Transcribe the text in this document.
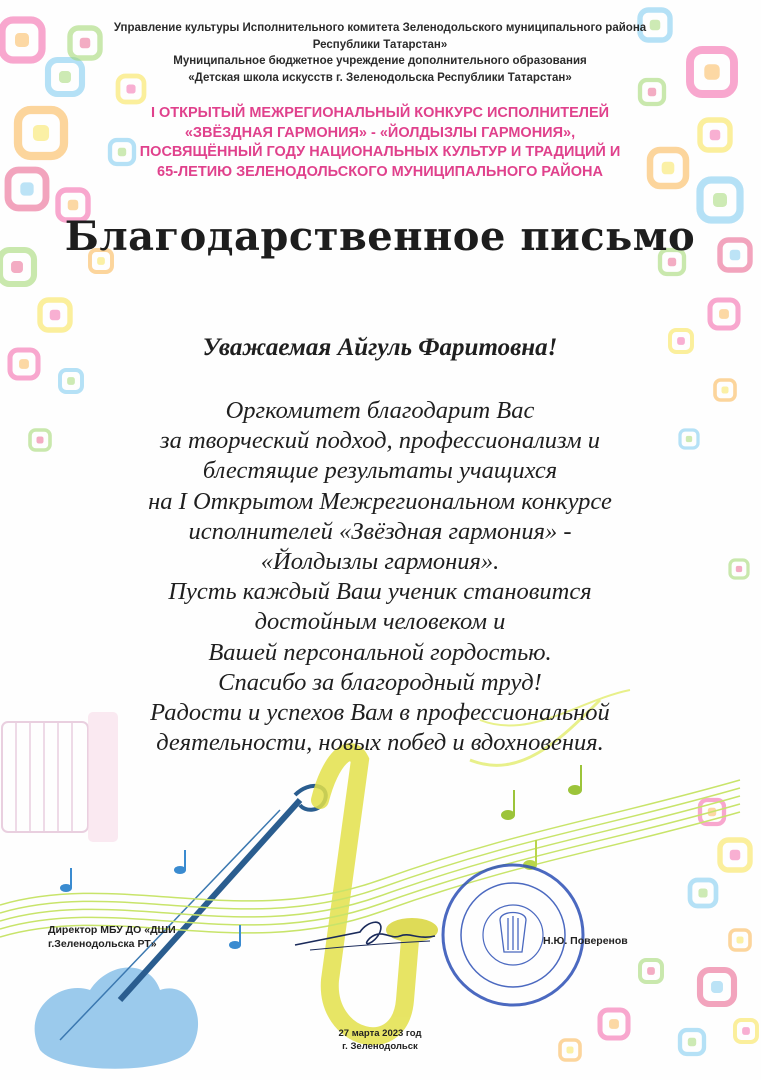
Управление культуры Исполнительного комитета Зеленодольского муниципального района
Республики Татарстан»
Муниципальное бюджетное учреждение дополнительного образования
«Детская школа искусств г. Зеленодольска Республики Татарстан»
I ОТКРЫТЫЙ МЕЖРЕГИОНАЛЬНЫЙ КОНКУРС ИСПОЛНИТЕЛЕЙ
«ЗВЁЗДНАЯ ГАРМОНИЯ» - «ЙОЛДЫЗЛЫ ГАРМОНИЯ»,
ПОСВЯЩЁННЫЙ ГОДУ НАЦИОНАЛЬНЫХ КУЛЬТУР И ТРАДИЦИЙ И
65-ЛЕТИЮ ЗЕЛЕНОДОЛЬСКОГО МУНИЦИПАЛЬНОГО РАЙОНА
Благодарственное письмо
Уважаемая Айгуль Фаритовна!
Оргкомитет благодарит Вас
за творческий подход, профессионализм и
блестящие результаты учащихся
на I Открытом Межрегиональном конкурсе
исполнителей «Звёздная гармония» -
«Йолдызлы гармония».
Пусть каждый Ваш ученик становится
достойным человеком и
Вашей персональной гордостью.
Спасибо за благородный труд!
Радости и успехов Вам в профессиональной
деятельности, новых побед и вдохновения.
Директор МБУ ДО «ДШИ
г.Зеленодольска РТ»	Н.Ю. Поверенов
27 марта 2023 год
г. Зеленодольск
